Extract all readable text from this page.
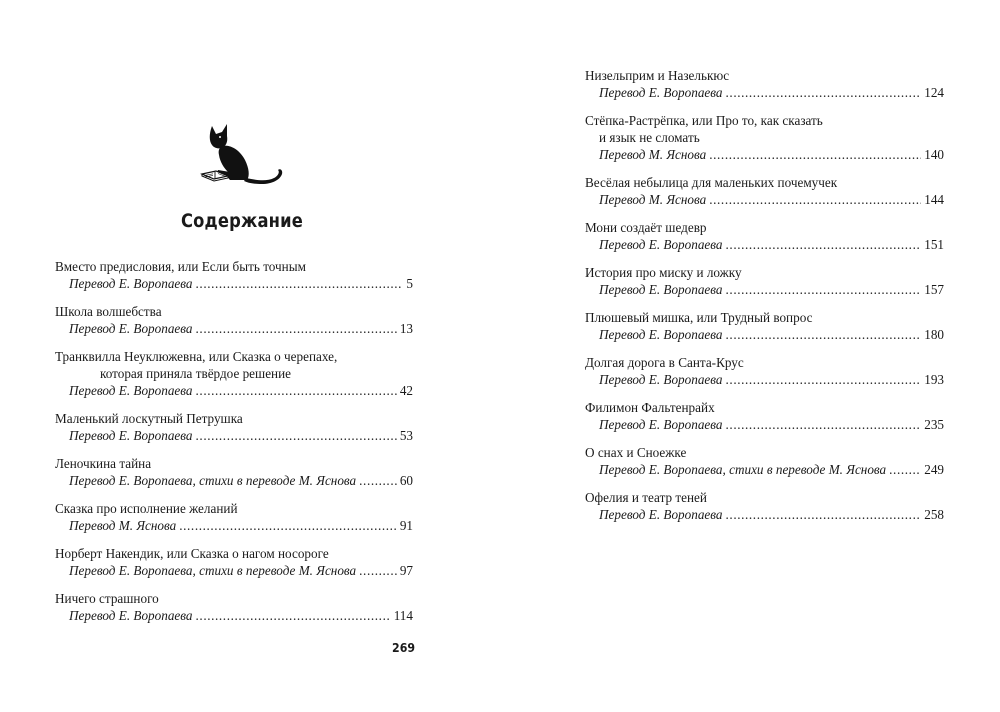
Содержание
Вместо предисловия, или Если быть точным
Перевод Е. Воропаева .....	5
Школа волшебства
Перевод Е. Воропаева .....	13
Транквилла Неуклюжевна, или Сказка о черепахе,
которая приняла твёрдое решение
Перевод Е. Воропаева .....	42
Маленький лоскутный Петрушка
Перевод Е. Воропаева .....	53
Леночкина тайна
Перевод Е. Воропаева, стихи в переводе М. Яснова .....	60
Сказка про исполнение желаний
Перевод М. Яснова .....	91
Норберт Накендик, или Сказка о нагом носороге
Перевод Е. Воропаева, стихи в переводе М. Яснова .....	97
Ничего страшного
Перевод Е. Воропаева .....	114
269
Низельприм и Назелькюс
Перевод Е. Воропаева .....	124
Стёпка-Растрёпка, или Про то, как сказать
и язык не сломать
Перевод М. Яснова .....	140
Весёлая небылица для маленьких почемучек
Перевод М. Яснова .....	144
Мони создаёт шедевр
Перевод Е. Воропаева .....	151
История про миску и ложку
Перевод Е. Воропаева .....	157
Плюшевый мишка, или Трудный вопрос
Перевод Е. Воропаева .....	180
Долгая дорога в Санта-Крус
Перевод Е. Воропаева .....	193
Филимон Фальтенрайх
Перевод Е. Воропаева .....	235
О снах и Сноежке
Перевод Е. Воропаева, стихи в переводе М. Яснова .....	249
Офелия и театр теней
Перевод Е. Воропаева .....	258
